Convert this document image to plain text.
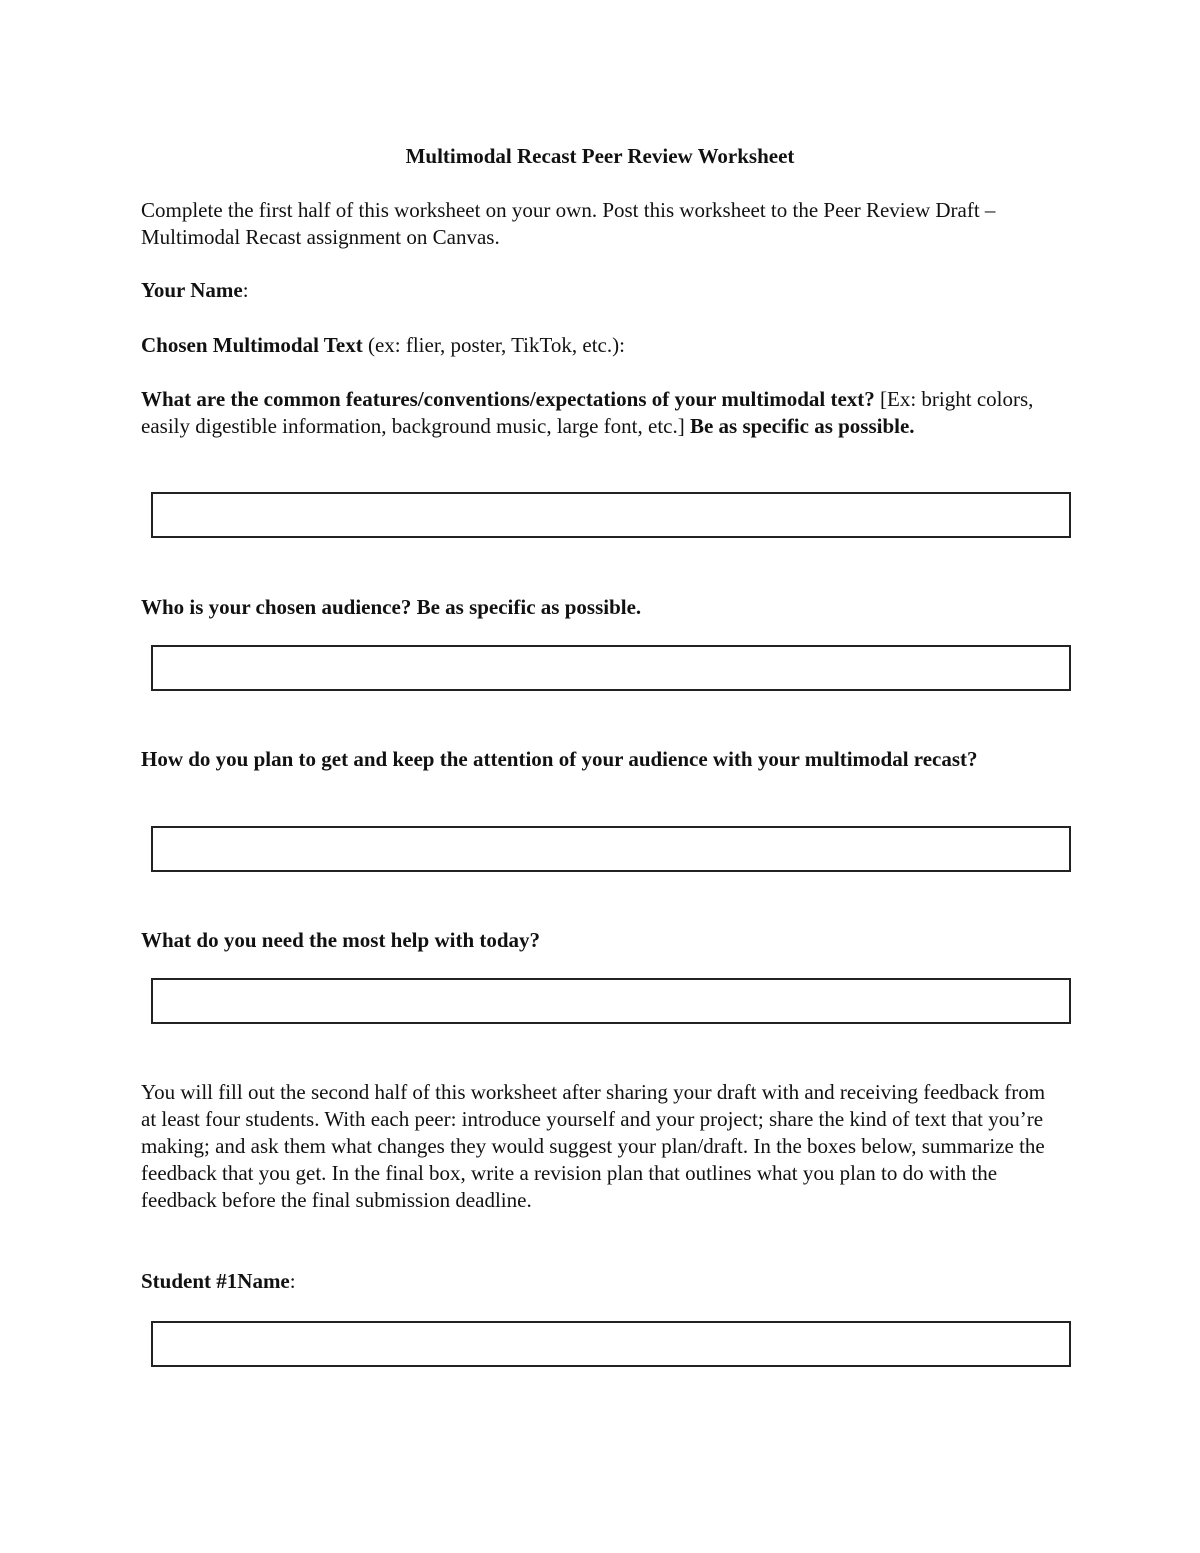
Multimodal Recast Peer Review Worksheet

Complete the first half of this worksheet on your own. Post this worksheet to the Peer Review Draft – Multimodal Recast assignment on Canvas.

Your Name:

Chosen Multimodal Text (ex: flier, poster, TikTok, etc.):

What are the common features/conventions/expectations of your multimodal text? [Ex: bright colors, easily digestible information, background music, large font, etc.] Be as specific as possible.

Who is your chosen audience? Be as specific as possible.

How do you plan to get and keep the attention of your audience with your multimodal recast?

What do you need the most help with today?

You will fill out the second half of this worksheet after sharing your draft with and receiving feedback from at least four students. With each peer: introduce yourself and your project; share the kind of text that you’re making; and ask them what changes they would suggest your plan/draft. In the boxes below, summarize the feedback that you get. In the final box, write a revision plan that outlines what you plan to do with the feedback before the final submission deadline.

Student #1Name:
